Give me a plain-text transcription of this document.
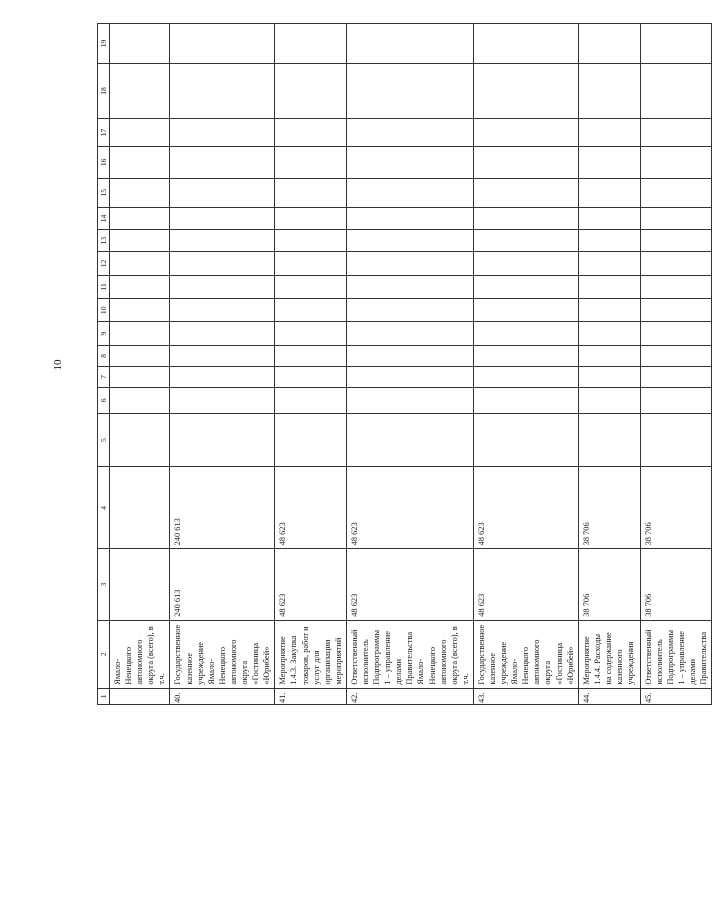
10
1	2	3	4	5	6	7	8	9	10	11	12	13	14	15	16	17	18	19
	Ямало-Ненецкого автономного округа (всего), в т.ч.																	
40.	Государственное казенное учреждение Ямало-Ненецкого автономного округа «Гостиница «Юрибей»	240 613	240 613															
41.	Мероприятие 1.4.3. Закупка товаров, работ и услуг для организации мероприятий	48 623	48 623															
42.	Ответственный исполнитель Подпрограммы 1 – управление делами Правительства Ямало-Ненецкого автономного округа (всего), в т.ч.	48 623	48 623															
43.	Государственное казенное учреждение Ямало-Ненецкого автономного округа «Гостиница «Юрибей»	48 623	48 623															
44.	Мероприятие 1.4.4. Расходы на содержание казенного учреждения	38 706	38 706															
45.	Ответственный исполнитель Подпрограммы 1 – управление делами Правительства	38 706	38 706															
